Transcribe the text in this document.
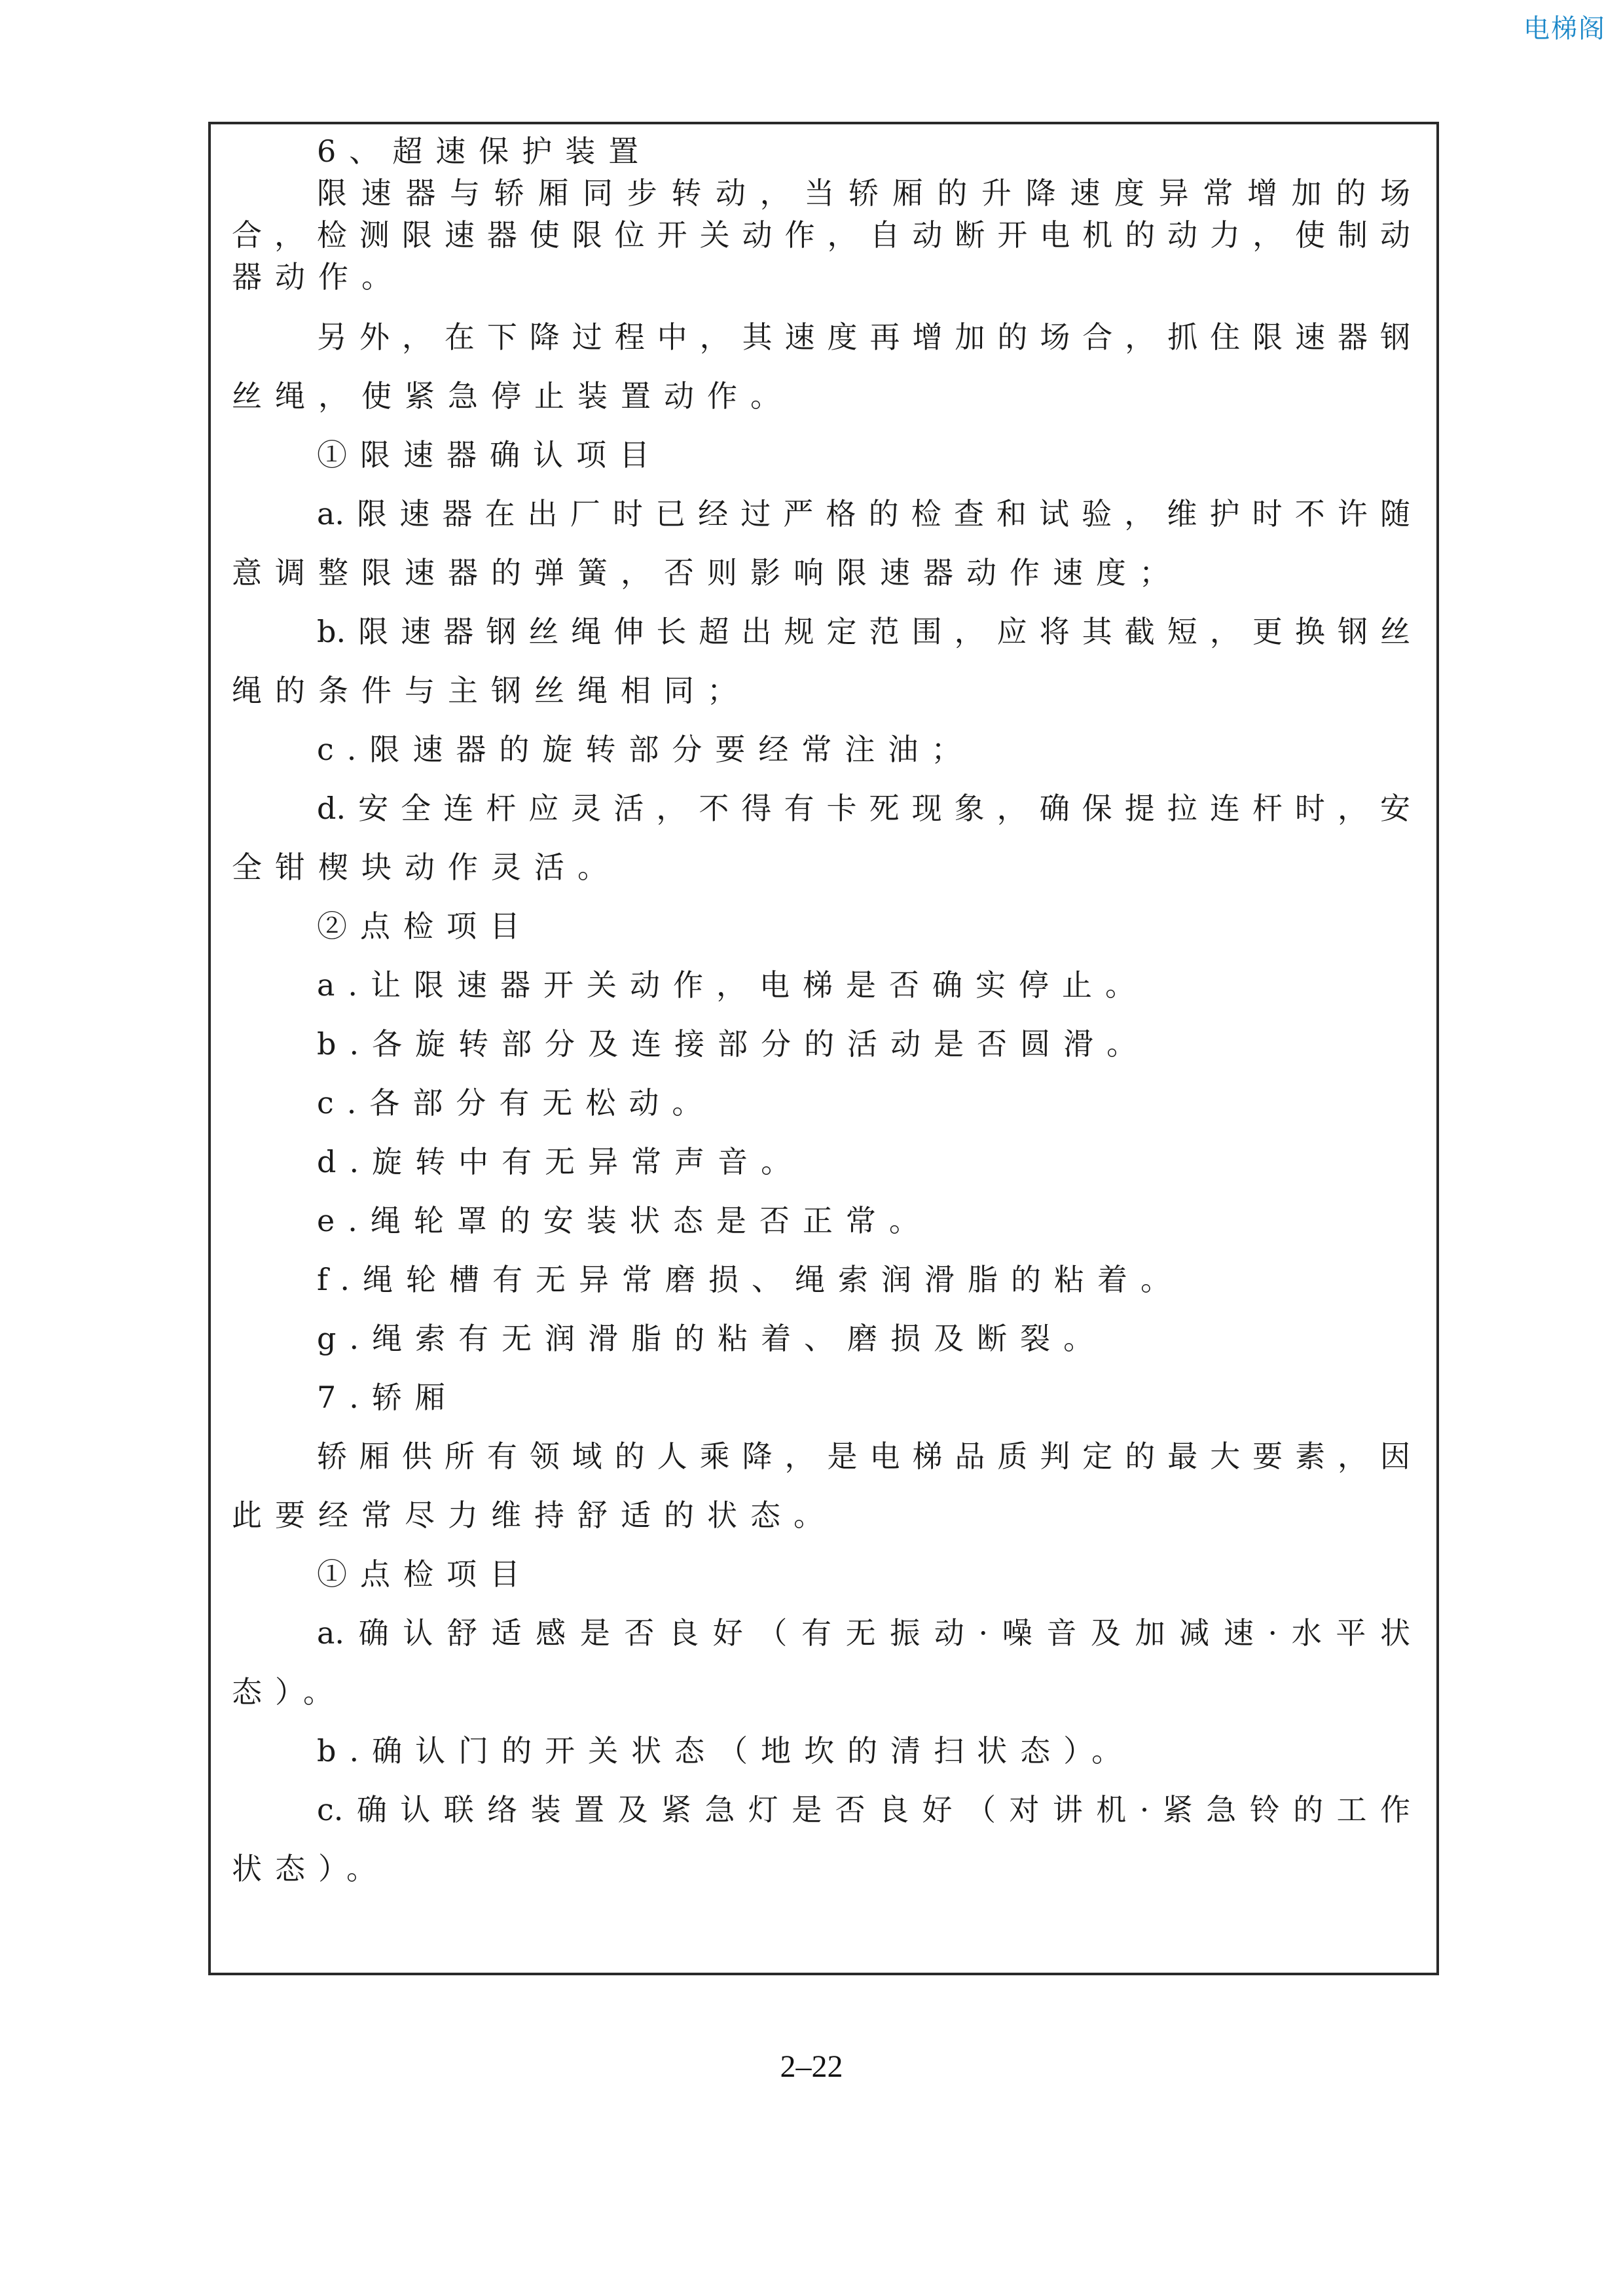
电梯阁
6、超速保护装置
限速器与轿厢同步转动，当轿厢的升降速度异常增加的场
合，检测限速器使限位开关动作，自动断开电机的动力，使制动
器动作。
另外，在下降过程中，其速度再增加的场合，抓住限速器钢
丝绳，使紧急停止装置动作。
①限速器确认项目
a.限速器在出厂时已经过严格的检查和试验，维护时不许随
意调整限速器的弹簧，否则影响限速器动作速度；
b.限速器钢丝绳伸长超出规定范围，应将其截短，更换钢丝
绳的条件与主钢丝绳相同；
c.限速器的旋转部分要经常注油；
d.安全连杆应灵活，不得有卡死现象，确保提拉连杆时，安
全钳楔块动作灵活。
②点检项目
a.让限速器开关动作，电梯是否确实停止。
b.各旋转部分及连接部分的活动是否圆滑。
c.各部分有无松动。
d.旋转中有无异常声音。
e.绳轮罩的安装状态是否正常。
f.绳轮槽有无异常磨损、绳索润滑脂的粘着。
g.绳索有无润滑脂的粘着、磨损及断裂。
7.轿厢
轿厢供所有领域的人乘降，是电梯品质判定的最大要素，因
此要经常尽力维持舒适的状态。
①点检项目
a.确认舒适感是否良好（有无振动·噪音及加减速·水平状
态）。
b.确认门的开关状态（地坎的清扫状态）。
c.确认联络装置及紧急灯是否良好（对讲机·紧急铃的工作
状态）。
2–22
